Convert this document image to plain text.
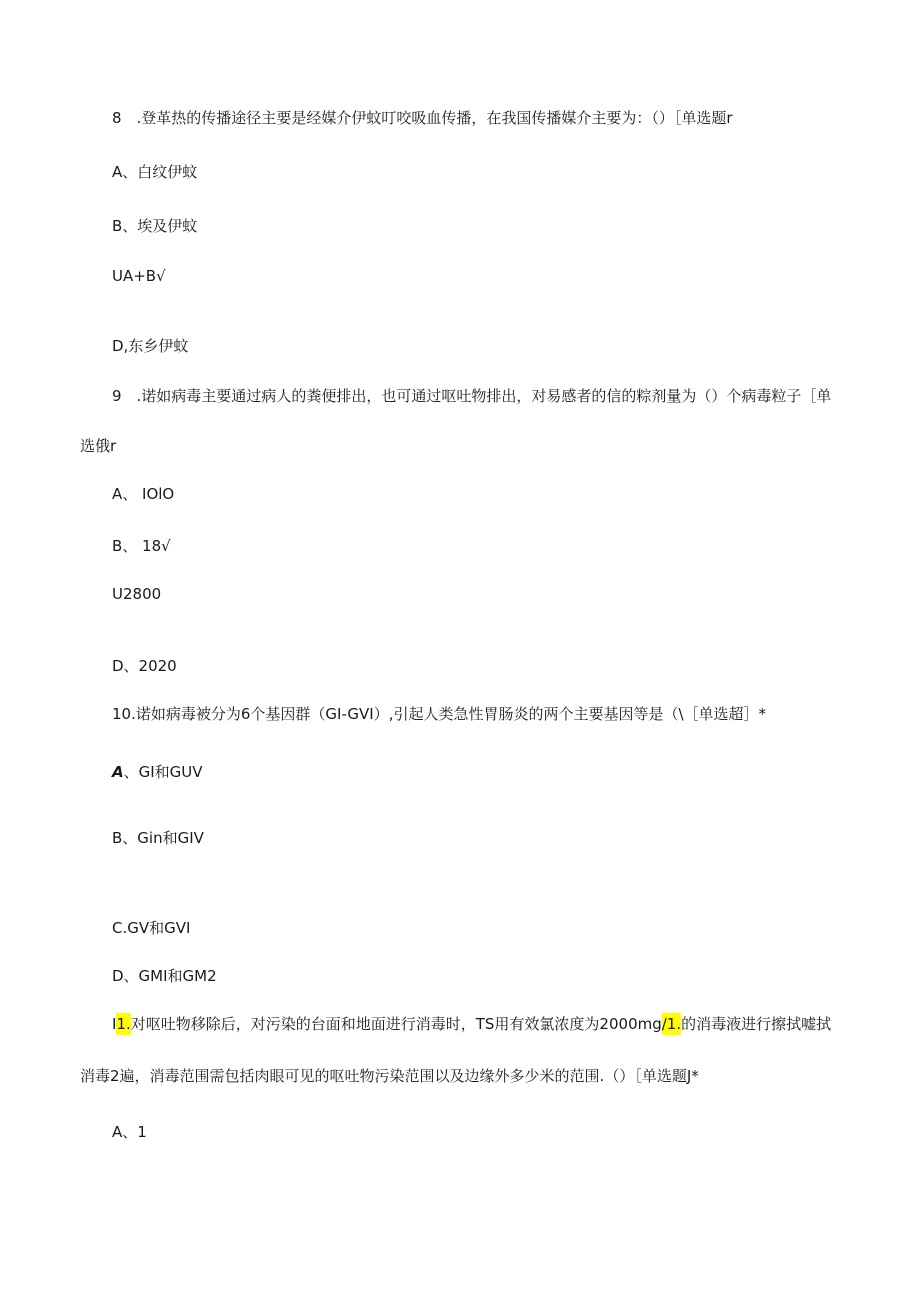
8　.登革热的传播途径主要是经媒介伊蚊叮咬吸血传播，在我国传播媒介主要为：（）［单选题r
A、白纹伊蚊
B、埃及伊蚊
UA+B√
D,东乡伊蚊
9　.诺如病毒主要通过病人的粪便排出，也可通过呕吐物排出，对易感者的信的粽剂量为（）个病毒粒子［单
选俄r
A、 IOlO
B、 18√
U2800
D、2020
10.诺如病毒被分为6个基因群（GI-GVI）,引起人类急性胃肠炎的两个主要基因等是（\［单选超］*
A、GI和GUV
B、Gin和GIV
C.GV和GVI
D、GMI和GM2
I1.对呕吐物移除后，对污染的台面和地面进行消毒时，TS用有效氯浓度为2000mg/1.的消毒液进行擦拭嘘拭
消毒2遍，消毒范围需包括肉眼可见的呕吐物污染范围以及边缘外多少米的范围.（）［单选题J*
A、1
